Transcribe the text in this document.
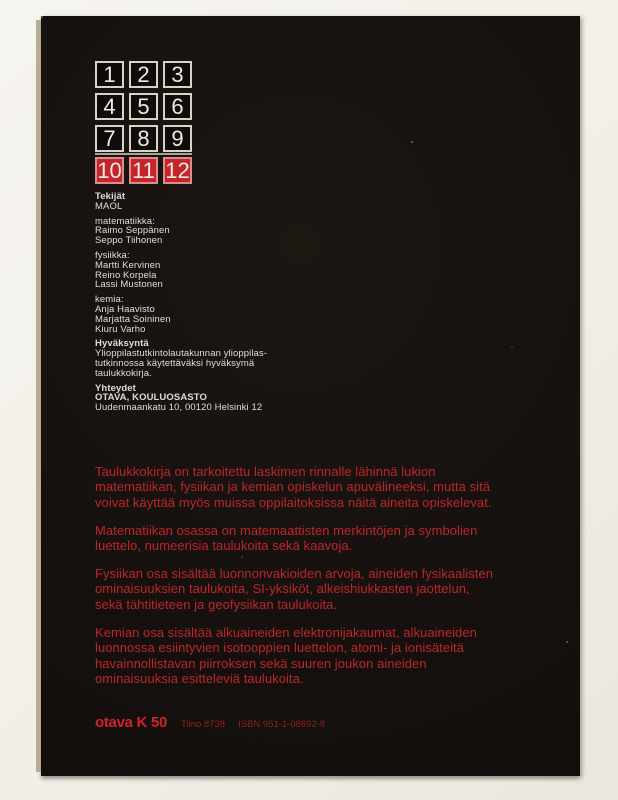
1 2 3
4 5 6
7 8 9
10 11 12
Tekijät
MAOL
matematiikka:
Raimo Seppänen
Seppo Tiihonen
fysiikka:
Martti Kervinen
Reino Korpela
Lassi Mustonen
kemia:
Anja Haavisto
Marjatta Soininen
Kiuru Varho
Hyväksyntä
Ylioppilastutkintolautakunnan ylioppilas-
tutkinnossa käytettäväksi hyväksymä
taulukkokirja.
Yhteydet
OTAVA, KOULUOSASTO
Uudenmaankatu 10, 00120 Helsinki 12
Taulukkokirja on tarkoitettu laskimen rinnalle lähinnä lukion
matematiikan, fysiikan ja kemian opiskelun apuvälineeksi, mutta sitä
voivat käyttää myös muissa oppilaitoksissa näitä aineita opiskelevat.
Matematiikan osassa on matemaattisten merkintöjen ja symbolien
luettelo, numeerisia taulukoita sekä kaavoja.
Fysiikan osa sisältää luonnonvakioiden arvoja, aineiden fysikaalisten
ominaisuuksien taulukoita, SI-yksiköt, alkeishiukkasten jaottelun,
sekä tähtitieteen ja geofysiikan taulukoita.
Kemian osa sisältää alkuaineiden elektronijakaumat, alkuaineiden
luonnossa esiintyvien isotooppien luettelon, atomi- ja ionisäteitä
havainnollistavan piirroksen sekä suuren joukon aineiden
ominaisuuksia esitteleviä taulukoita.
otava K 50 Tilno 8738 ISBN 951-1-08692-8
